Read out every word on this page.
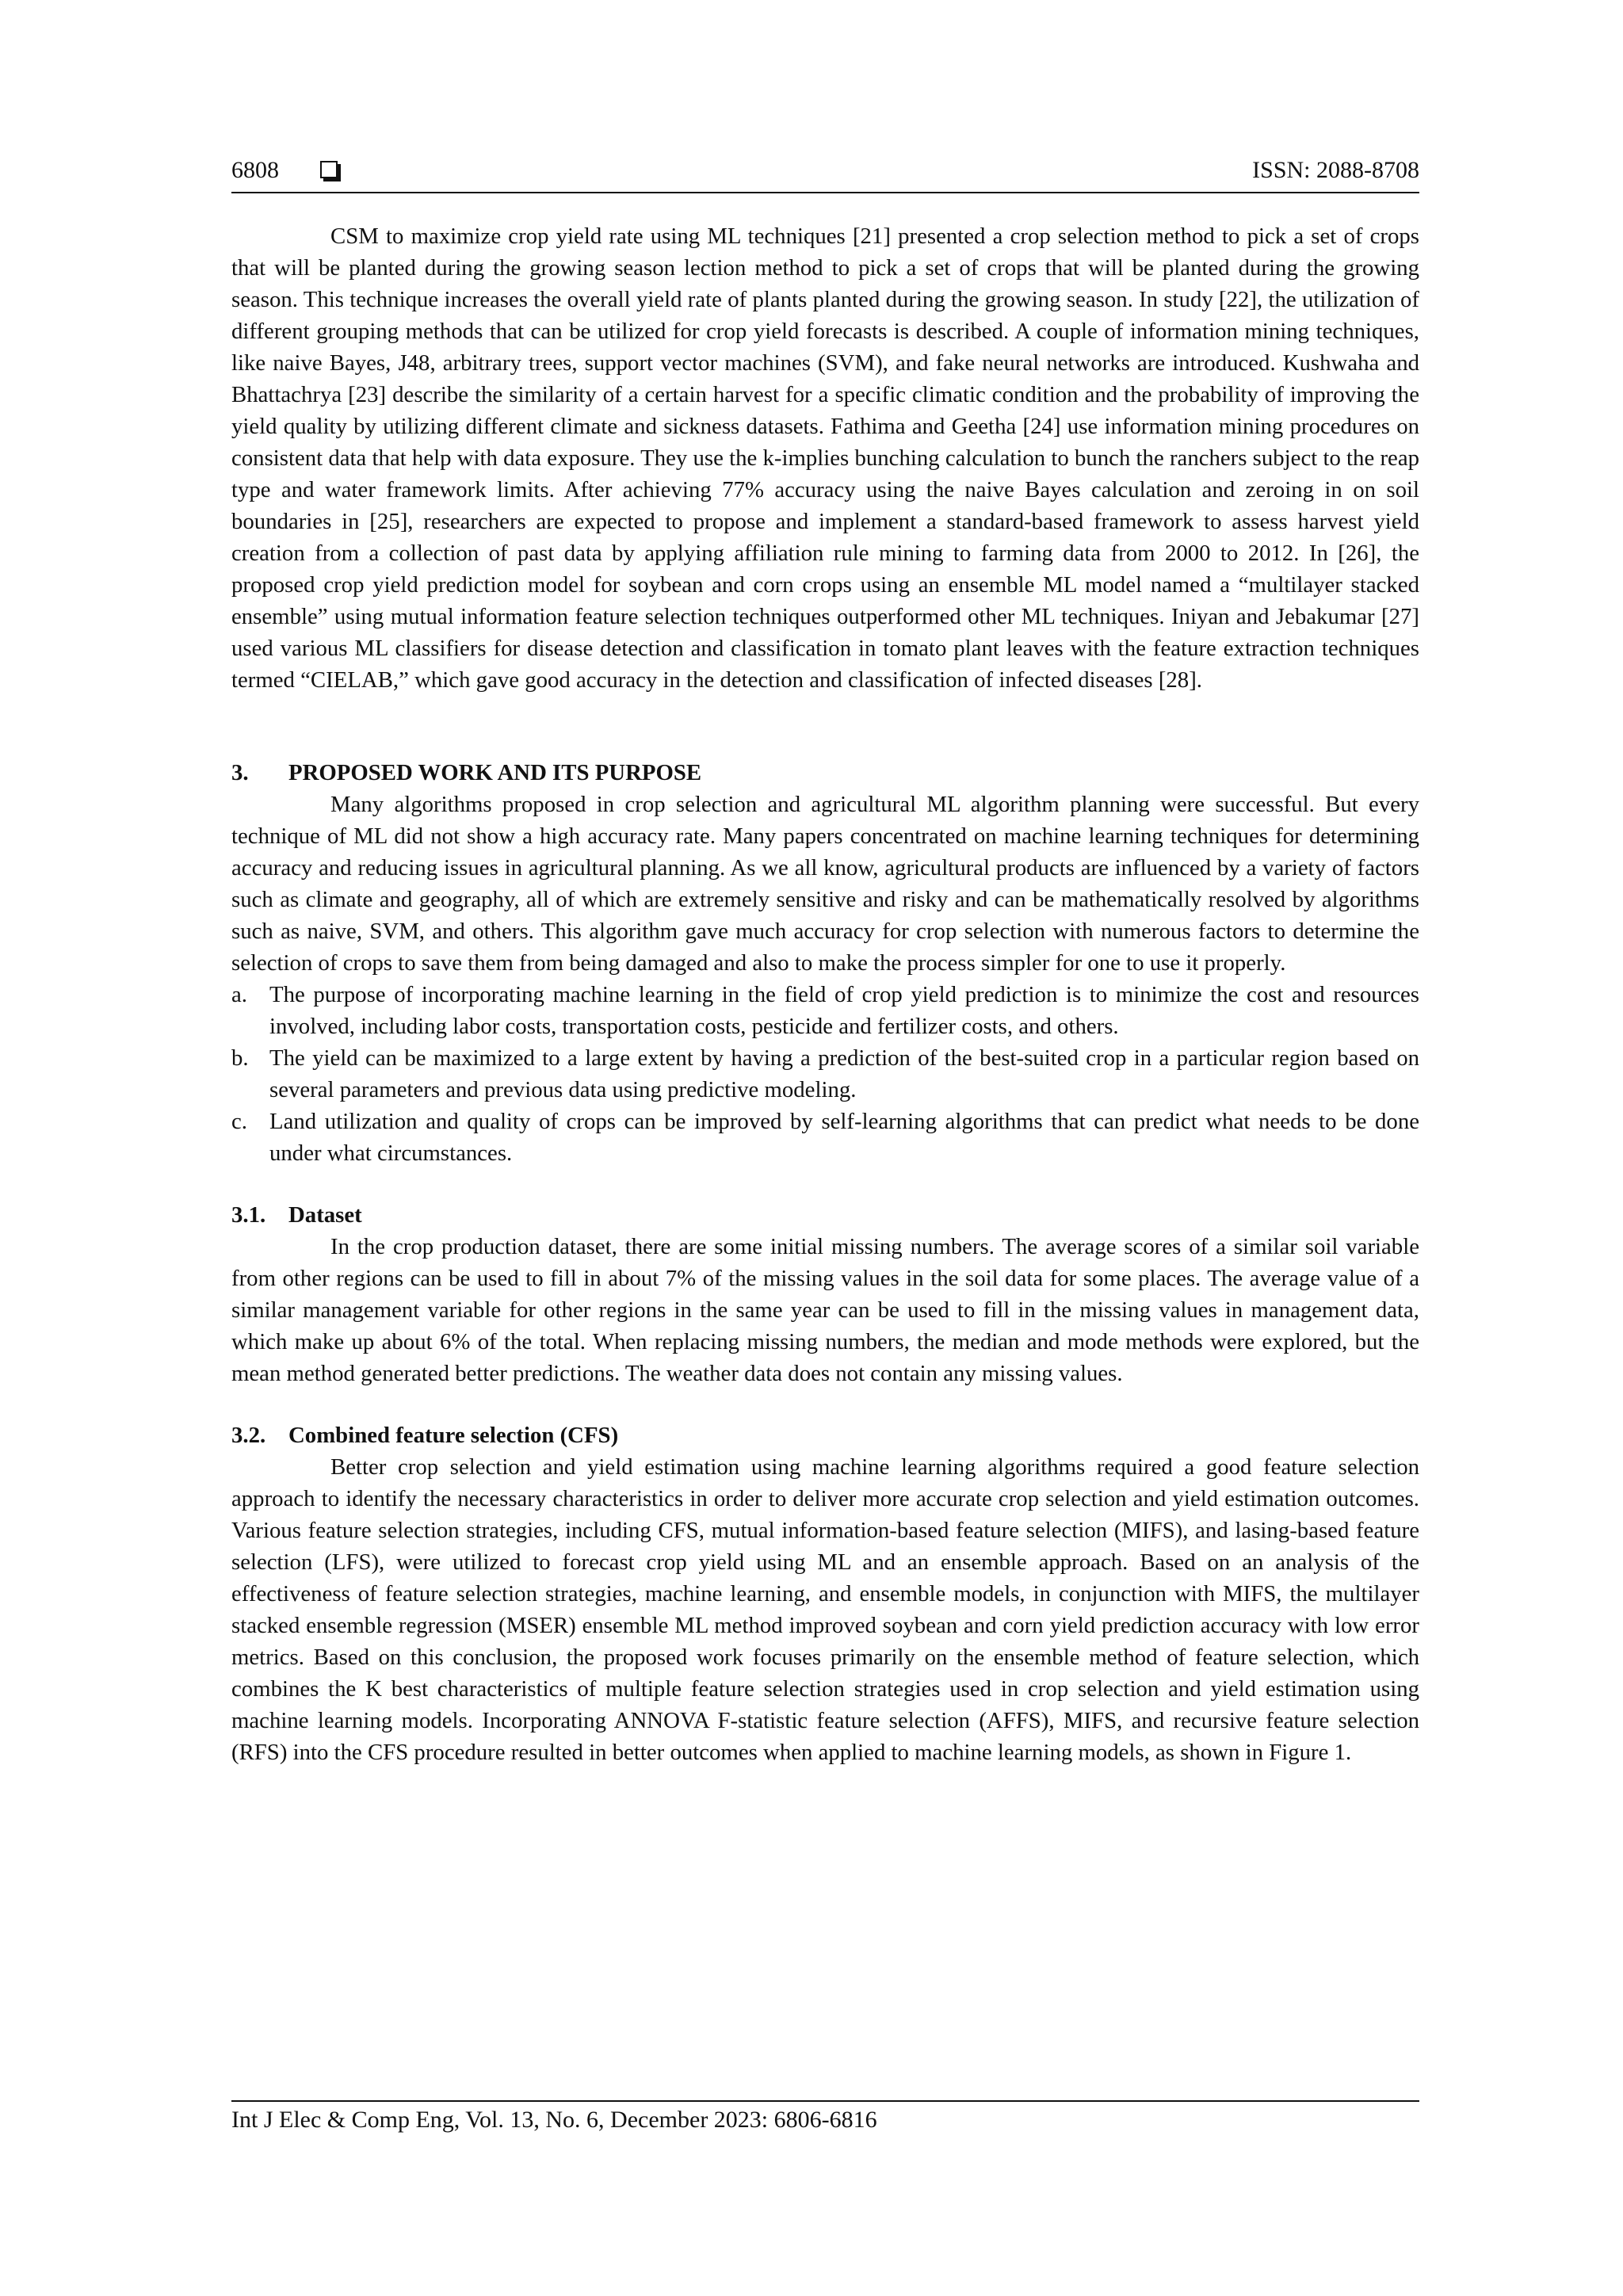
6808	ISSN: 2088-8708

CSM to maximize crop yield rate using ML techniques [21] presented a crop selection method to pick a set of crops that will be planted during the growing season lection method to pick a set of crops that will be planted during the growing season. This technique increases the overall yield rate of plants planted during the growing season. In study [22], the utilization of different grouping methods that can be utilized for crop yield forecasts is described. A couple of information mining techniques, like naive Bayes, J48, arbitrary trees, support vector machines (SVM), and fake neural networks are introduced. Kushwaha and Bhattachrya [23] describe the similarity of a certain harvest for a specific climatic condition and the probability of improving the yield quality by utilizing different climate and sickness datasets. Fathima and Geetha [24] use information mining procedures on consistent data that help with data exposure. They use the k-implies bunching calculation to bunch the ranchers subject to the reap type and water framework limits. After achieving 77% accuracy using the naive Bayes calculation and zeroing in on soil boundaries in [25], researchers are expected to propose and implement a standard-based framework to assess harvest yield creation from a collection of past data by applying affiliation rule mining to farming data from 2000 to 2012. In [26], the proposed crop yield prediction model for soybean and corn crops using an ensemble ML model named a “multilayer stacked ensemble” using mutual information feature selection techniques outperformed other ML techniques. Iniyan and Jebakumar [27] used various ML classifiers for disease detection and classification in tomato plant leaves with the feature extraction techniques termed “CIELAB,” which gave good accuracy in the detection and classification of infected diseases [28].

3. PROPOSED WORK AND ITS PURPOSE

Many algorithms proposed in crop selection and agricultural ML algorithm planning were successful. But every technique of ML did not show a high accuracy rate. Many papers concentrated on machine learning techniques for determining accuracy and reducing issues in agricultural planning. As we all know, agricultural products are influenced by a variety of factors such as climate and geography, all of which are extremely sensitive and risky and can be mathematically resolved by algorithms such as naive, SVM, and others. This algorithm gave much accuracy for crop selection with numerous factors to determine the selection of crops to save them from being damaged and also to make the process simpler for one to use it properly.

a. The purpose of incorporating machine learning in the field of crop yield prediction is to minimize the cost and resources involved, including labor costs, transportation costs, pesticide and fertilizer costs, and others.
b. The yield can be maximized to a large extent by having a prediction of the best-suited crop in a particular region based on several parameters and previous data using predictive modeling.
c. Land utilization and quality of crops can be improved by self-learning algorithms that can predict what needs to be done under what circumstances.
3.1. Dataset

In the crop production dataset, there are some initial missing numbers. The average scores of a similar soil variable from other regions can be used to fill in about 7% of the missing values in the soil data for some places. The average value of a similar management variable for other regions in the same year can be used to fill in the missing values in management data, which make up about 6% of the total. When replacing missing numbers, the median and mode methods were explored, but the mean method generated better predictions. The weather data does not contain any missing values.

3.2. Combined feature selection (CFS)

Better crop selection and yield estimation using machine learning algorithms required a good feature selection approach to identify the necessary characteristics in order to deliver more accurate crop selection and yield estimation outcomes. Various feature selection strategies, including CFS, mutual information-based feature selection (MIFS), and lasing-based feature selection (LFS), were utilized to forecast crop yield using ML and an ensemble approach. Based on an analysis of the effectiveness of feature selection strategies, machine learning, and ensemble models, in conjunction with MIFS, the multilayer stacked ensemble regression (MSER) ensemble ML method improved soybean and corn yield prediction accuracy with low error metrics. Based on this conclusion, the proposed work focuses primarily on the ensemble method of feature selection, which combines the K best characteristics of multiple feature selection strategies used in crop selection and yield estimation using machine learning models. Incorporating ANNOVA F-statistic feature selection (AFFS), MIFS, and recursive feature selection (RFS) into the CFS procedure resulted in better outcomes when applied to machine learning models, as shown in Figure 1.

Int J Elec & Comp Eng, Vol. 13, No. 6, December 2023: 6806-6816
